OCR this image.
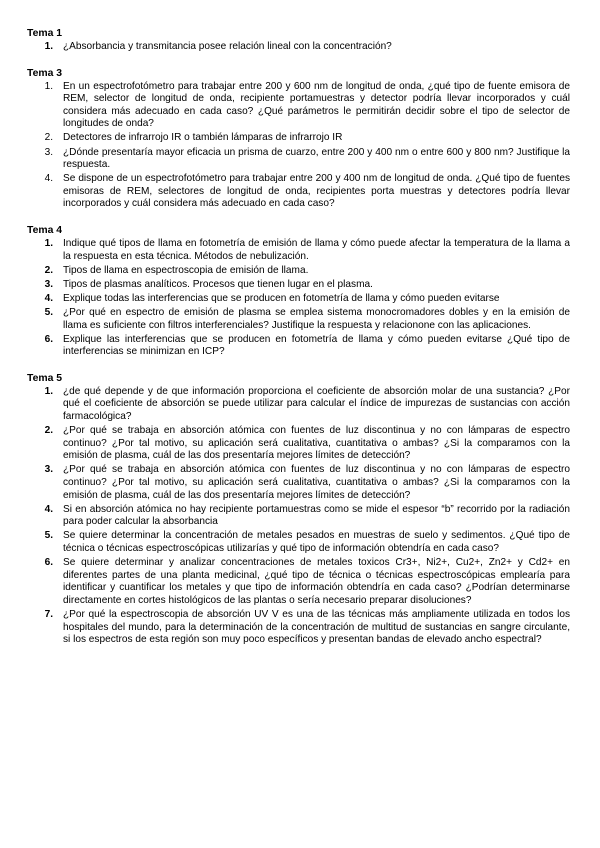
Tema 1
1. ¿Absorbancia y transmitancia posee relación lineal con la concentración?
Tema 3
1. En un espectrofotómetro para trabajar entre 200 y 600 nm de longitud de onda, ¿qué tipo de fuente emisora de REM, selector de longitud de onda, recipiente portamuestras y detector podría llevar incorporados y cuál considera más adecuado en cada caso? ¿Qué parámetros le permitirán decidir sobre el tipo de selector de longitudes de onda?
2. Detectores de infrarrojo IR o también lámparas de infrarrojo IR
3. ¿Dónde presentaría mayor eficacia un prisma de cuarzo, entre 200 y 400 nm o entre 600 y 800 nm? Justifique la respuesta.
4. Se dispone de un espectrofotómetro para trabajar entre 200 y 400 nm de longitud de onda. ¿Qué tipo de fuentes emisoras de REM, selectores de longitud de onda, recipientes porta muestras y detectores podría llevar incorporados y cuál considera más adecuado en cada caso?
Tema 4
1. Indique qué tipos de llama en fotometría de emisión de llama y cómo puede afectar la temperatura de la llama a la respuesta en esta técnica. Métodos de nebulización.
2. Tipos de llama en espectroscopia de emisión de llama.
3. Tipos de plasmas analíticos. Procesos que tienen lugar en el plasma.
4. Explique todas las interferencias que se producen en fotometría de llama y cómo pueden evitarse
5. ¿Por qué en espectro de emisión de plasma se emplea sistema monocromadores dobles y en la emisión de llama es suficiente con filtros interferenciales? Justifique la respuesta y relacionone con las aplicaciones.
6. Explique las interferencias que se producen en fotometría de llama y cómo pueden evitarse ¿Qué tipo de interferencias se minimizan en ICP?
Tema 5
1. ¿de qué depende y de que información proporciona el coeficiente de absorción molar de una sustancia? ¿Por qué el coeficiente de absorción se puede utilizar para calcular el índice de impurezas de sustancias con acción farmacológica?
2. ¿Por qué se trabaja en absorción atómica con fuentes de luz discontinua y no con lámparas de espectro continuo? ¿Por tal motivo, su aplicación será cualitativa, cuantitativa o ambas? ¿Si la comparamos con la emisión de plasma, cuál de las dos presentaría mejores límites de detección?
3. ¿Por qué se trabaja en absorción atómica con fuentes de luz discontinua y no con lámparas de espectro continuo? ¿Por tal motivo, su aplicación será cualitativa, cuantitativa o ambas? ¿Si la comparamos con la emisión de plasma, cuál de las dos presentaría mejores límites de detección?
4. Si en absorción atómica no hay recipiente portamuestras como se mide el espesor “b” recorrido por la radiación para poder calcular la absorbancia
5. Se quiere determinar la concentración de metales pesados en muestras de suelo y sedimentos. ¿Qué tipo de técnica o técnicas espectroscópicas utilizarías y qué tipo de información obtendría en cada caso?
6. Se quiere determinar y analizar concentraciones de metales toxicos Cr3+, Ni2+, Cu2+, Zn2+ y Cd2+ en diferentes partes de una planta medicinal, ¿qué tipo de técnica o técnicas espectroscópicas emplearía para identificar y cuantificar los metales y que tipo de información obtendría en cada caso? ¿Podrían determinarse directamente en cortes histológicos de las plantas o sería necesario preparar disoluciones?
7. ¿Por qué la espectroscopia de absorción UV V es una de las técnicas más ampliamente utilizada en todos los hospitales del mundo, para la determinación de la concentración de multitud de sustancias en sangre circulante, si los espectros de esta región son muy poco específicos y presentan bandas de elevado ancho espectral?
